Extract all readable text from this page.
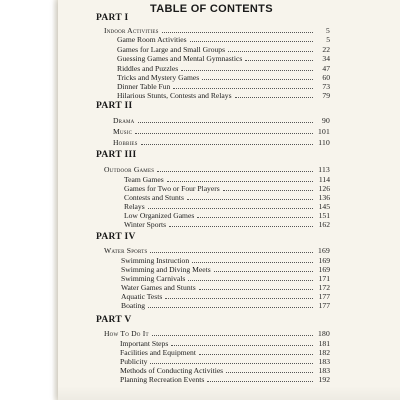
TABLE OF CONTENTS
PART I
Indoor Activities	5
Game Room Activities	5
Games for Large and Small Groups	22
Guessing Games and Mental Gymnastics	34
Riddles and Puzzles	47
Tricks and Mystery Games	60
Dinner Table Fun	73
Hilarious Stunts, Contests and Relays	79
PART II
Drama	90
Music	101
Hobbies	110
PART III
Outdoor Games	113
Team Games	114
Games for Two or Four Players	126
Contests and Stunts	136
Relays	145
Low Organized Games	151
Winter Sports	162
PART IV
Water Sports	169
Swimming Instruction	169
Swimming and Diving Meets	169
Swimming Carnivals	171
Water Games and Stunts	172
Aquatic Tests	177
Boating	177
PART V
How To Do It	180
Important Steps	181
Facilities and Equipment	182
Publicity	183
Methods of Conducting Activities	183
Planning Recreation Events	192
